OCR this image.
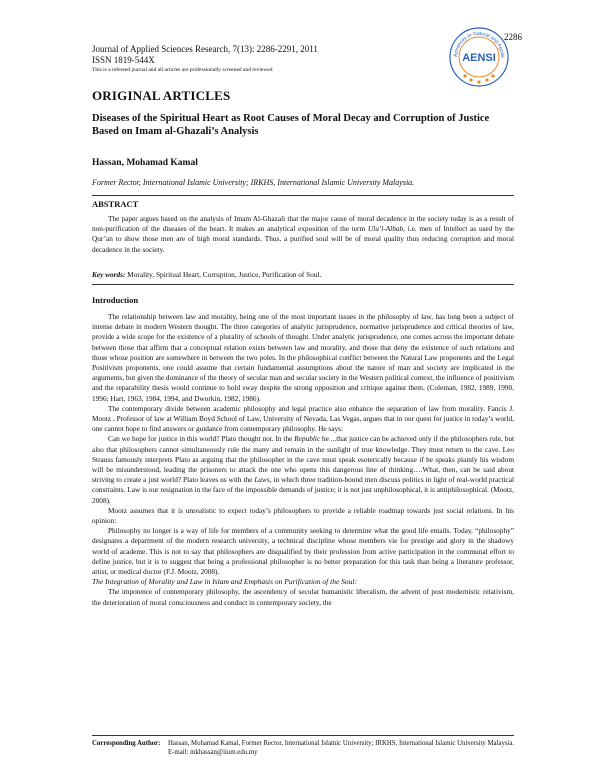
2286
Journal of Applied Sciences Research, 7(13): 2286-2291, 2011
ISSN 1819-544X
This is a refereed journal and all articles are professionally screened and reviewed
Advances in Natural and Applie
AENSI
ORIGINAL ARTICLES
Diseases of the Spiritual Heart as Root Causes of Moral Decay and Corruption of Justice Based on Imam al-Ghazali’s Analysis
Hassan, Mohamad Kamal
Former Rector, International Islamic University; IRKHS, International Islamic University Malaysia.
ABSTRACT
The paper argues based on the analysis of Imam Al-Ghazali that the major cause of moral decadence in the society today is as a result of non-purification of the diseases of the heart. It makes an analytical exposition of the term Ulu’l-Albab, i.e. men of Intellect as used by the Qur’an to show those men are of high moral standards. Thus, a purified soul will be of moral quality thus reducing corruption and moral decadence in the society.
Key words: Morality, Spiritual Heart, Corruption, Justice, Purification of Soul.
Introduction

The relationship between law and morality, being one of the most important issues in the philosophy of law, has long been a subject of intense debate in modern Western thought. The three categories of analytic jurisprudence, normative jurisprudence and critical theories of law, provide a wide scope for the existence of a plurality of schools of thought. Under analytic jurisprudence, one comes across the important debate between those that affirm that a conceptual relation exists between law and morality, and those that deny the existence of such relations and those whose position are somewhere in between the two poles. In the philosophical conflict between the Natural Law proponents and the Legal Positivism proponents, one could assume that certain fundamental assumptions about the nature of man and society are implicated in the arguments, but given the dominance of the theory of secular man and secular society in the Western political context, the influence of positivism and the reparability thesis would continue to hold sway despite the strong opposition and critique against them. (Coleman, 1982, 1989, 1990, 1996; Hart, 1963, 1984, 1994, and Dworkin, 1982, 1986).

The contemporary divide between academic philosophy and legal practice also enhance the separation of law from morality. Fancis J. Mootz , Professor of law at William Boyd School of Law, University of Nevada, Las Vegas, argues that in our quest for justice in today’s world, one cannot hope to find answers or guidance from contemporary philosophy. He says:

Can we hope for justice in this world? Plato thought not. In the Republic he ...that justice can be achieved only if the philosophers rule, but also that philosophers cannot simultaneously rule the many and remain in the sunlight of true knowledge. They must return to the cave. Leo Strauss famously interprets Plato as arguing that the philosopher in the cave must speak esoterically because if he speaks plainly his wisdom will be misunderstood, leading the prisoners to attack the one who opens this dangerous line of thinking….What, then, can be said about striving to create a just world? Plato leaves us with the Laws, in which three tradition-bound men discuss politics in light of real-world practical constraints. Law is our resignation in the face of the impossible demands of justice; it is not just unphilosophical, it is antiphilosophical. (Mootz, 2008).

Mootz assumes that it is unrealistic to expect today’s philosophers to provide a reliable roadmap towards just social relations. In his opinion:

Philosophy no longer is a way of life for members of a community seeking to determine what the good life entails. Today, “philosophy” designates a department of the modern research university, a technical discipline whose members vie for prestige and glory in the shadowy world of academe. This is not to say that philosophers are disqualified by their profession from active participation in the communal effort to define justice, but it is to suggest that being a professional philosopher is no better preparation for this task than being a literature professor, artist, or medical doctor (F.J. Mootz, 2008).

The Integration of Morality and Law in Islam and Emphasis on Purification of the Soul:

The impotence of contemporary philosophy, the ascendency of secular humanistic liberalism, the advent of post modernistic relativism, the deterioration of moral consciousness and conduct in contemporary society, the

Corresponding Author:	Hassan, Mohamad Kamal, Former Rector, International Islamic University; IRKHS, International Islamic University Malaysia.
E-mail: mkhassan@iium.edu.my
